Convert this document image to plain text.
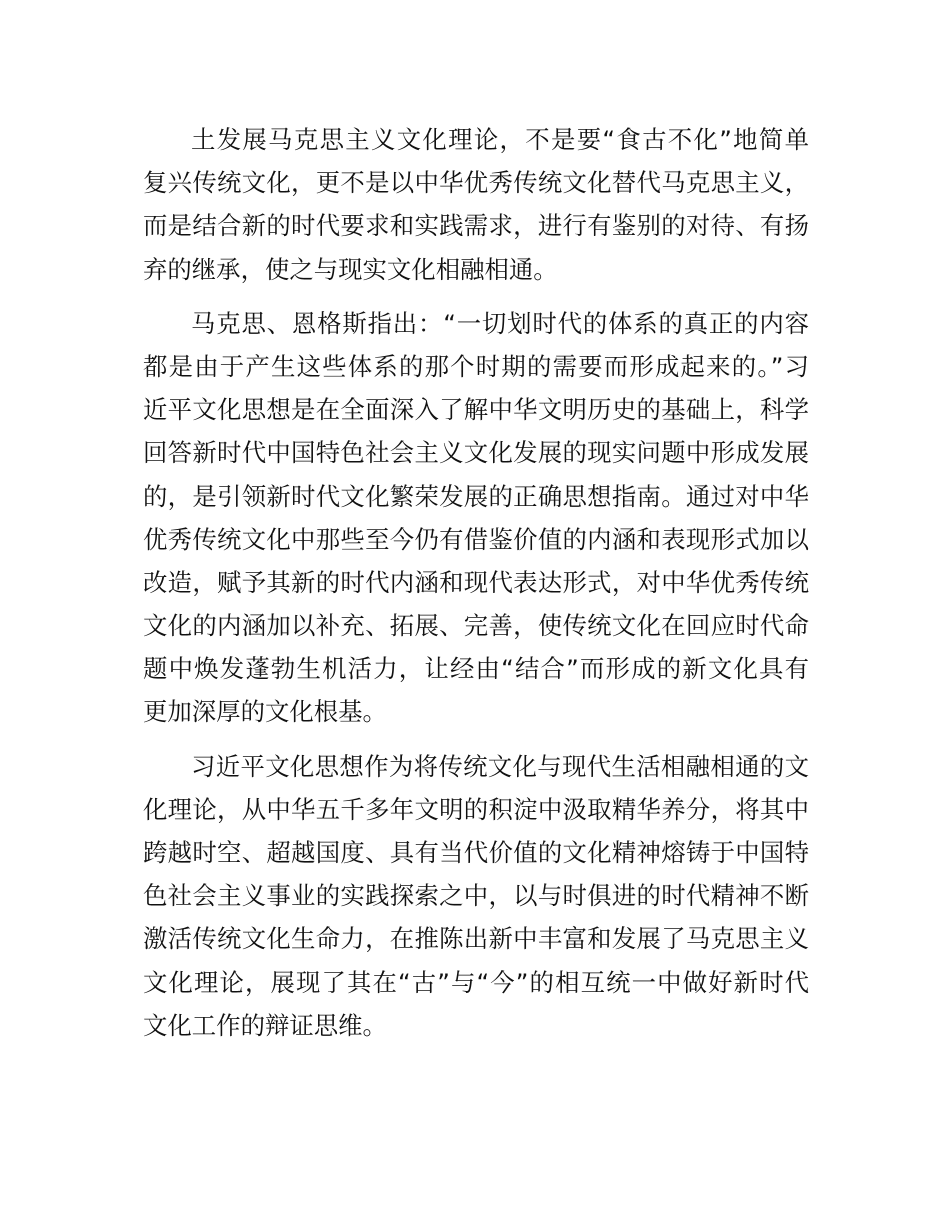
土发展马克思主义文化理论，不是要“食古不化”地简单
复兴传统文化，更不是以中华优秀传统文化替代马克思主义，
而是结合新的时代要求和实践需求，进行有鉴别的对待、有扬
弃的继承，使之与现实文化相融相通。
马克思、恩格斯指出：“一切划时代的体系的真正的内容
都是由于产生这些体系的那个时期的需要而形成起来的。”习
近平文化思想是在全面深入了解中华文明历史的基础上，科学
回答新时代中国特色社会主义文化发展的现实问题中形成发展
的，是引领新时代文化繁荣发展的正确思想指南。通过对中华
优秀传统文化中那些至今仍有借鉴价值的内涵和表现形式加以
改造，赋予其新的时代内涵和现代表达形式，对中华优秀传统
文化的内涵加以补充、拓展、完善，使传统文化在回应时代命
题中焕发蓬勃生机活力，让经由“结合”而形成的新文化具有
更加深厚的文化根基。
习近平文化思想作为将传统文化与现代生活相融相通的文
化理论，从中华五千多年文明的积淀中汲取精华养分，将其中
跨越时空、超越国度、具有当代价值的文化精神熔铸于中国特
色社会主义事业的实践探索之中，以与时俱进的时代精神不断
激活传统文化生命力，在推陈出新中丰富和发展了马克思主义
文化理论，展现了其在“古”与“今”的相互统一中做好新时代
文化工作的辩证思维。
